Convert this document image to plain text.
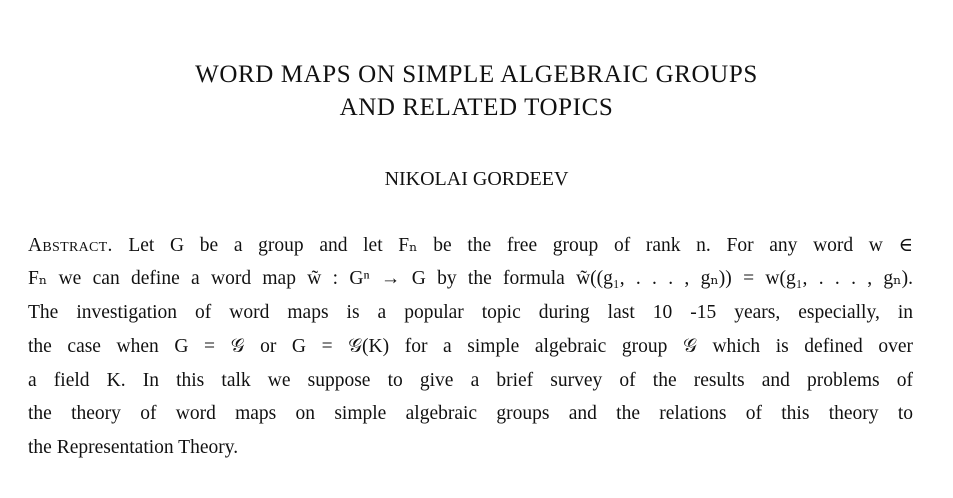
WORD MAPS ON SIMPLE ALGEBRAIC GROUPS
AND RELATED TOPICS
NIKOLAI GORDEEV
Abstract. Let G be a group and let Fₙ be the free group of rank n. For any word w ∈
Fₙ we can define a word map w̃ : Gⁿ → G by the formula w̃((g₁, . . . , gₙ)) = w(g₁, . . . , gₙ).
The investigation of word maps is a popular topic during last 10 -15 years, especially, in
the case when G = 𝒢 or G = 𝒢(K) for a simple algebraic group 𝒢 which is defined over
a field K. In this talk we suppose to give a brief survey of the results and problems of
the theory of word maps on simple algebraic groups and the relations of this theory to
the Representation Theory.
